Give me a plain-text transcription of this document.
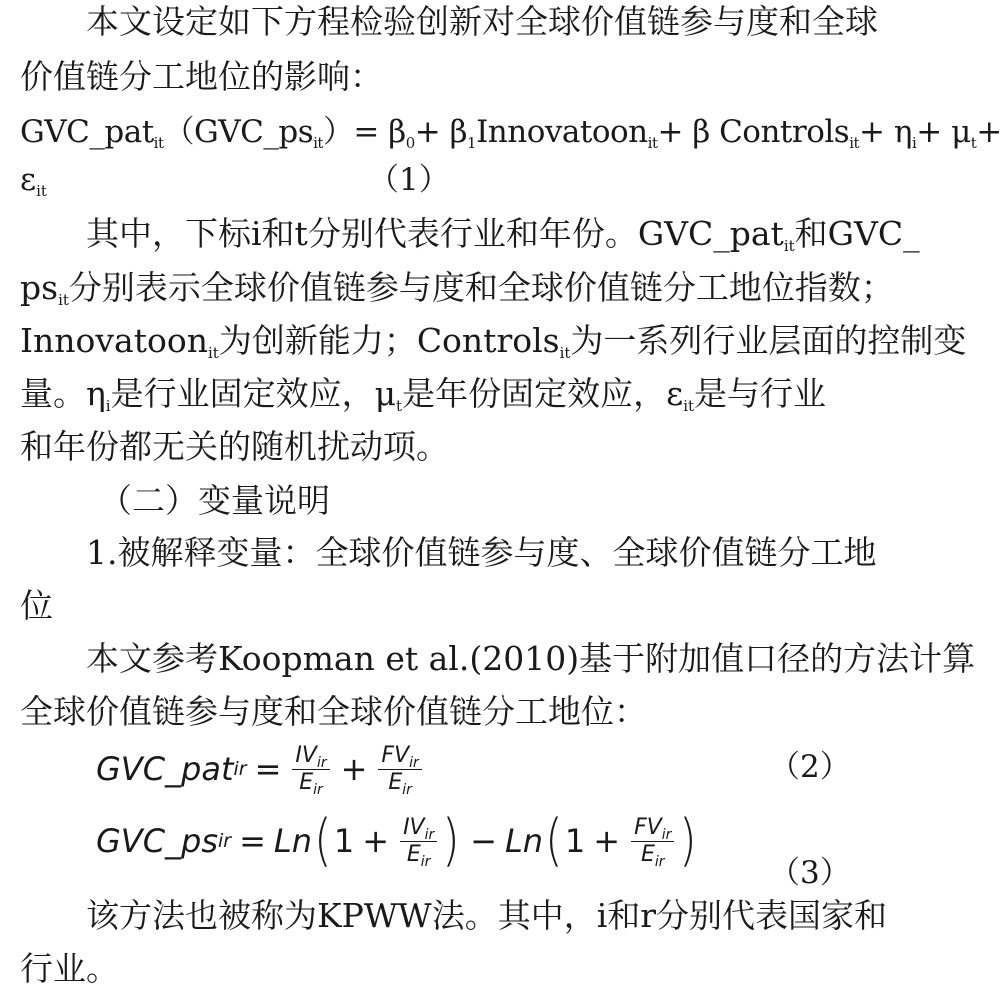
本文设定如下方程检验创新对全球价值链参与度和全球
价值链分工地位的影响：
$GVC\_pat_{it}(GVC\_ps_{it})= \beta_0+$ $\beta_1Innovatoon_{it}+ \beta$ Controls$_{it}$+ $\eta_i+ \mu_t+$
$\varepsilon_{it}$	（1）
其中，下标i和t分别代表行业和年份。GVC_pat$_{it}$和GVC_
$ps_{it}$分别表示全球价值链参与度和全球价值链分工地位指数；
Innovatoon$_{it}$为创新能力；Controls$_{it}$为一系列行业层面的控制变
量。$\eta_i$是行业固定效应，$\mu_t$是年份固定效应，$\varepsilon_{it}$是与行业
和年份都无关的随机扰动项。
（二）变量说明
1.被解释变量：全球价值链参与度、全球价值链分工地
位
本文参考Koopman et al.(2010)基于附加值口径的方法计算
全球价值链参与度和全球价值链分工地位：
GVC_pat ir = $\frac{IV_{ir}}{E_{ir}} + \frac{FV_{ir}}{E_{ir}}$	（2）
GVC_ps ir = Ln ( $1 + \frac{IV_{ir}}{E_{ir}}$ ) − Ln ( $1 + \frac{FV_{ir}}{E_{ir}}$ ) （3）
该方法也被称为KPWW法。其中，i和r分别代表国家和
行业。
